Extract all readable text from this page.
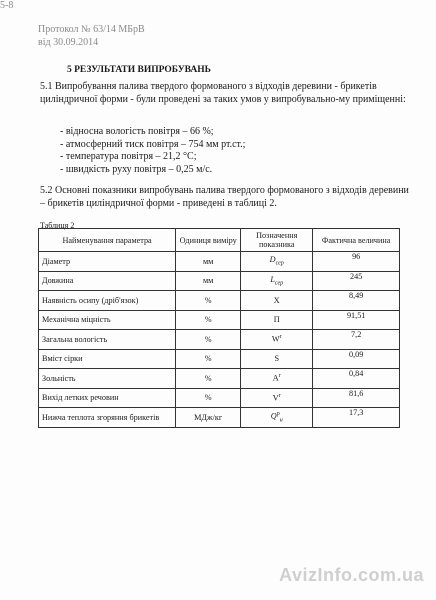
Протокол № 63/14 МБрВ
від 30.09.2014
5-8
5 РЕЗУЛЬТАТИ ВИПРОБУВАНЬ
5.1 Випробування палива твердого формованого з відходів деревини - брикетів циліндричної форми - були проведені за таких умов у випробувально-му приміщенні:
- відносна вологість повітря – 66 %;
- атмосферний тиск повітря – 754 мм рт.ст.;
- температура повітря – 21,2 °С;
- швидкість руху повітря – 0,25 м/с.
5.2 Основні показники випробувань палива твердого формованого з відходів деревини – брикетів циліндричної форми - приведені в таблиці 2.
Таблиця 2
Найменування параметра	Одиниця виміру	Позначення показника	Фактична величина
Діаметр	мм	$D_{сер}$	96
Довжина	мм	$L_{сер}$	245
Наявність осипу (дріб'язок)	%	X	8,49
Механічна міцність	%	П	91,51
Загальна вологість	%	$W^r$	7,2
Вміст сірки	%	S	0,09
Зольність	%	$A^r$	0,84
Вихід летких речовин	%	$V^r$	81,6
Нижча теплота згоряння брикетів	МДж/кг	$Q^р_н$	17,3
AvizInfo.com.ua
